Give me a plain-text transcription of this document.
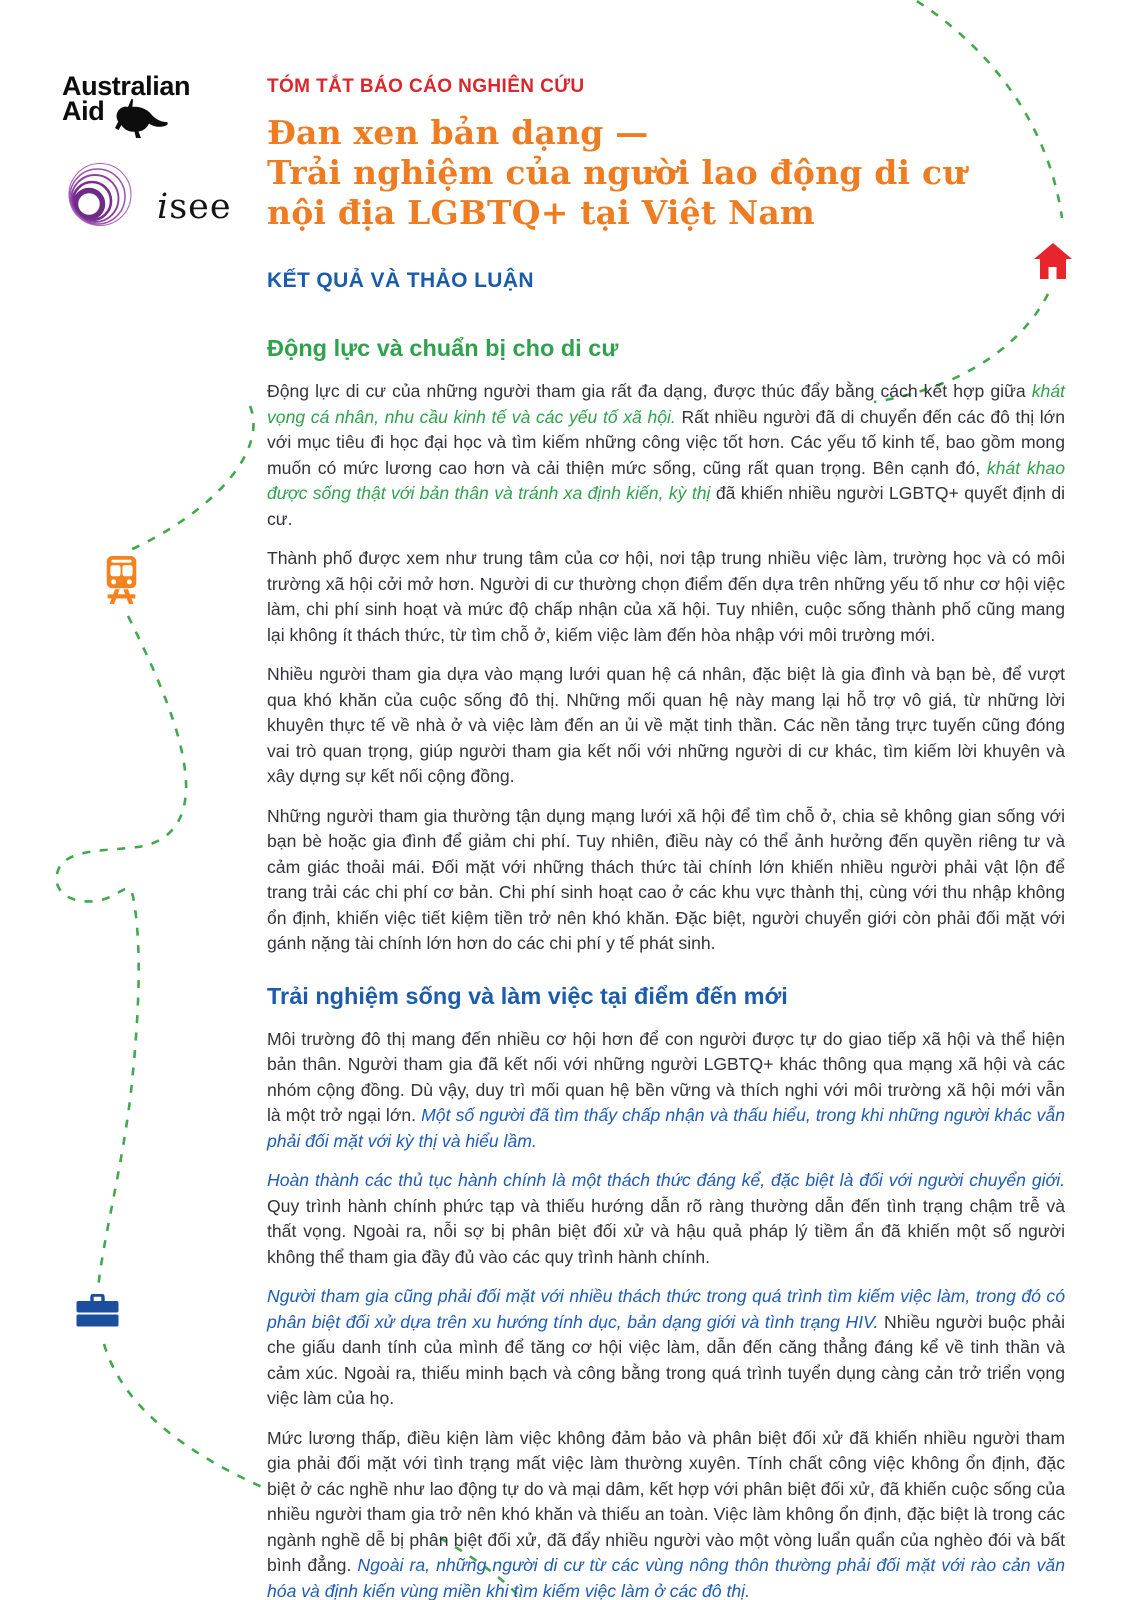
Australian
Aid
isee
TÓM TẮT BÁO CÁO NGHIÊN CỨU
Đan xen bản dạng —
Trải nghiệm của người lao động di cư
nội địa LGBTQ+ tại Việt Nam
KẾT QUẢ VÀ THẢO LUẬN
Động lực và chuẩn bị cho di cư

Động lực di cư của những người tham gia rất đa dạng, được thúc đẩy bằng cách kết hợp giữa khát vọng cá nhân, nhu cầu kinh tế và các yếu tố xã hội. Rất nhiều người đã di chuyển đến các đô thị lớn với mục tiêu đi học đại học và tìm kiếm những công việc tốt hơn. Các yếu tố kinh tế, bao gồm mong muốn có mức lương cao hơn và cải thiện mức sống, cũng rất quan trọng. Bên cạnh đó, khát khao được sống thật với bản thân và tránh xa định kiến, kỳ thị đã khiến nhiều người LGBTQ+ quyết định di cư.

Thành phố được xem như trung tâm của cơ hội, nơi tập trung nhiều việc làm, trường học và có môi trường xã hội cởi mở hơn. Người di cư thường chọn điểm đến dựa trên những yếu tố như cơ hội việc làm, chi phí sinh hoạt và mức độ chấp nhận của xã hội. Tuy nhiên, cuộc sống thành phố cũng mang lại không ít thách thức, từ tìm chỗ ở, kiếm việc làm đến hòa nhập với môi trường mới.

Nhiều người tham gia dựa vào mạng lưới quan hệ cá nhân, đặc biệt là gia đình và bạn bè, để vượt qua khó khăn của cuộc sống đô thị. Những mối quan hệ này mang lại hỗ trợ vô giá, từ những lời khuyên thực tế về nhà ở và việc làm đến an ủi về mặt tinh thần. Các nền tảng trực tuyến cũng đóng vai trò quan trọng, giúp người tham gia kết nối với những người di cư khác, tìm kiếm lời khuyên và xây dựng sự kết nối cộng đồng.

Những người tham gia thường tận dụng mạng lưới xã hội để tìm chỗ ở, chia sẻ không gian sống với bạn bè hoặc gia đình để giảm chi phí. Tuy nhiên, điều này có thể ảnh hưởng đến quyền riêng tư và cảm giác thoải mái. Đối mặt với những thách thức tài chính lớn khiến nhiều người phải vật lộn để trang trải các chi phí cơ bản. Chi phí sinh hoạt cao ở các khu vực thành thị, cùng với thu nhập không ổn định, khiến việc tiết kiệm tiền trở nên khó khăn. Đặc biệt, người chuyển giới còn phải đối mặt với gánh nặng tài chính lớn hơn do các chi phí y tế phát sinh.

Trải nghiệm sống và làm việc tại điểm đến mới

Môi trường đô thị mang đến nhiều cơ hội hơn để con người được tự do giao tiếp xã hội và thể hiện bản thân. Người tham gia đã kết nối với những người LGBTQ+ khác thông qua mạng xã hội và các nhóm cộng đồng. Dù vậy, duy trì mối quan hệ bền vững và thích nghi với môi trường xã hội mới vẫn là một trở ngại lớn. Một số người đã tìm thấy chấp nhận và thấu hiểu, trong khi những người khác vẫn phải đối mặt với kỳ thị và hiểu lầm.

Hoàn thành các thủ tục hành chính là một thách thức đáng kể, đặc biệt là đối với người chuyển giới. Quy trình hành chính phức tạp và thiếu hướng dẫn rõ ràng thường dẫn đến tình trạng chậm trễ và thất vọng. Ngoài ra, nỗi sợ bị phân biệt đối xử và hậu quả pháp lý tiềm ẩn đã khiến một số người không thể tham gia đầy đủ vào các quy trình hành chính.

Người tham gia cũng phải đối mặt với nhiều thách thức trong quá trình tìm kiếm việc làm, trong đó có phân biệt đối xử dựa trên xu hướng tính dục, bản dạng giới và tình trạng HIV. Nhiều người buộc phải che giấu danh tính của mình để tăng cơ hội việc làm, dẫn đến căng thẳng đáng kể về tinh thần và cảm xúc. Ngoài ra, thiếu minh bạch và công bằng trong quá trình tuyển dụng càng cản trở triển vọng việc làm của họ.

Mức lương thấp, điều kiện làm việc không đảm bảo và phân biệt đối xử đã khiến nhiều người tham gia phải đối mặt với tình trạng mất việc làm thường xuyên. Tính chất công việc không ổn định, đặc biệt ở các nghề như lao động tự do và mại dâm, kết hợp với phân biệt đối xử, đã khiến cuộc sống của nhiều người tham gia trở nên khó khăn và thiếu an toàn. Việc làm không ổn định, đặc biệt là trong các ngành nghề dễ bị phân biệt đối xử, đã đẩy nhiều người vào một vòng luẩn quẩn của nghèo đói và bất bình đẳng. Ngoài ra, những người di cư từ các vùng nông thôn thường phải đối mặt với rào cản văn hóa và định kiến vùng miền khi tìm kiếm việc làm ở các đô thị.
